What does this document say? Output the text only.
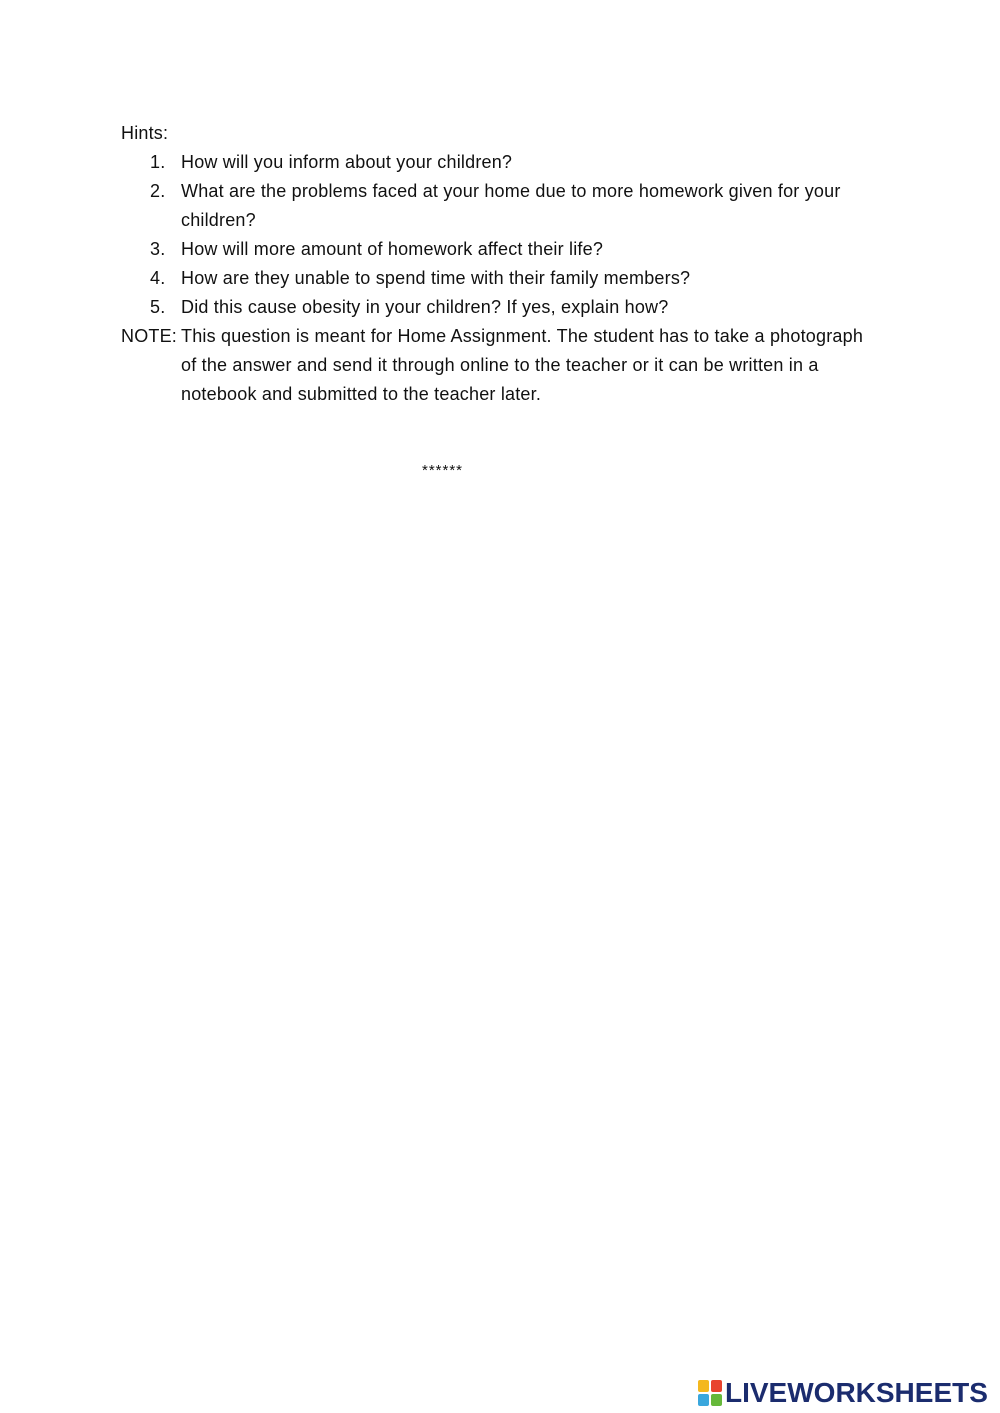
Hints:

1. How will you inform about your children?
2. What are the problems faced at your home due to more homework given for your children?
3. How will more amount of homework affect their life?
4. How are they unable to spend time with their family members?
5. Did this cause obesity in your children? If yes, explain how?

NOTE: This question is meant for Home Assignment. The student has to take a photograph of the answer and send it through online to the teacher or it can be written in a notebook and submitted to the teacher later.

******
LIVEWORKSHEETS
